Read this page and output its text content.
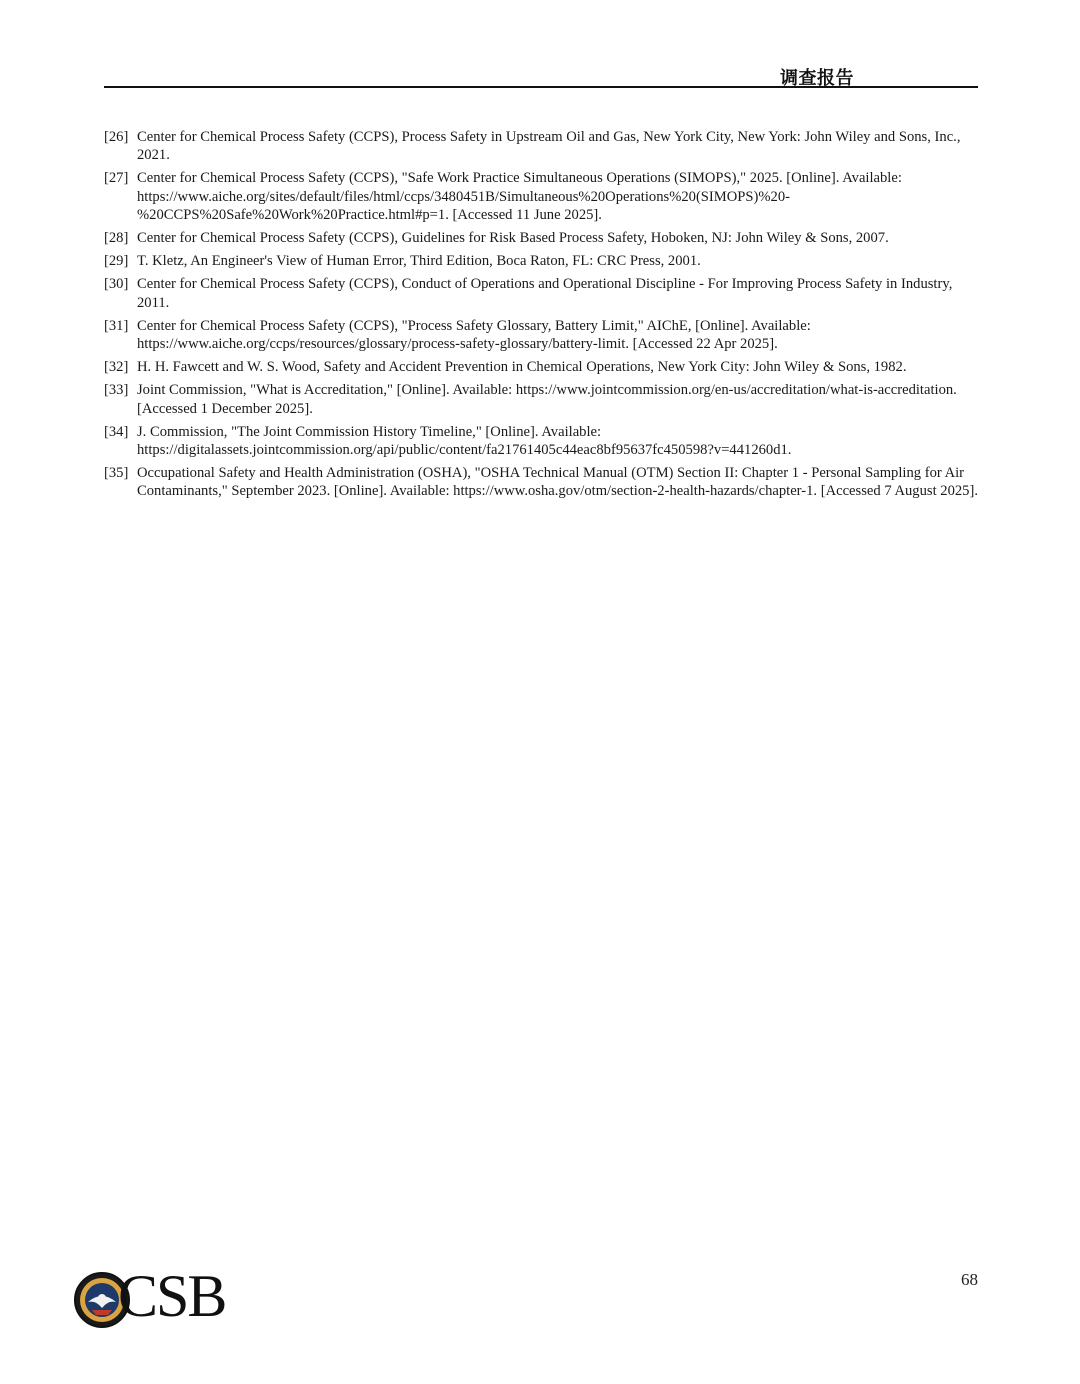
调查报告
[26] Center for Chemical Process Safety (CCPS), Process Safety in Upstream Oil and Gas, New York City, New York: John Wiley and Sons, Inc., 2021.
[27] Center for Chemical Process Safety (CCPS), "Safe Work Practice Simultaneous Operations (SIMOPS)," 2025. [Online]. Available: https://www.aiche.org/sites/default/files/html/ccps/3480451B/Simultaneous%20Operations%20(SIMOPS)%20-%20CCPS%20Safe%20Work%20Practice.html#p=1. [Accessed 11 June 2025].
[28] Center for Chemical Process Safety (CCPS), Guidelines for Risk Based Process Safety, Hoboken, NJ: John Wiley & Sons, 2007.
[29] T. Kletz, An Engineer's View of Human Error, Third Edition, Boca Raton, FL: CRC Press, 2001.
[30] Center for Chemical Process Safety (CCPS), Conduct of Operations and Operational Discipline - For Improving Process Safety in Industry, 2011.
[31] Center for Chemical Process Safety (CCPS), "Process Safety Glossary, Battery Limit," AIChE, [Online]. Available: https://www.aiche.org/ccps/resources/glossary/process-safety-glossary/battery-limit. [Accessed 22 Apr 2025].
[32] H. H. Fawcett and W. S. Wood, Safety and Accident Prevention in Chemical Operations, New York City: John Wiley & Sons, 1982.
[33] Joint Commission, "What is Accreditation," [Online]. Available: https://www.jointcommission.org/en-us/accreditation/what-is-accreditation. [Accessed 1 December 2025].
[34] J. Commission, "The Joint Commission History Timeline," [Online]. Available: https://digitalassets.jointcommission.org/api/public/content/fa21761405c44eac8bf95637fc450598?v=441260d1.
[35] Occupational Safety and Health Administration (OSHA), "OSHA Technical Manual (OTM) Section II: Chapter 1 - Personal Sampling for Air Contaminants," September 2023. [Online]. Available: https://www.osha.gov/otm/section-2-health-hazards/chapter-1. [Accessed 7 August 2025].
CSB	68
